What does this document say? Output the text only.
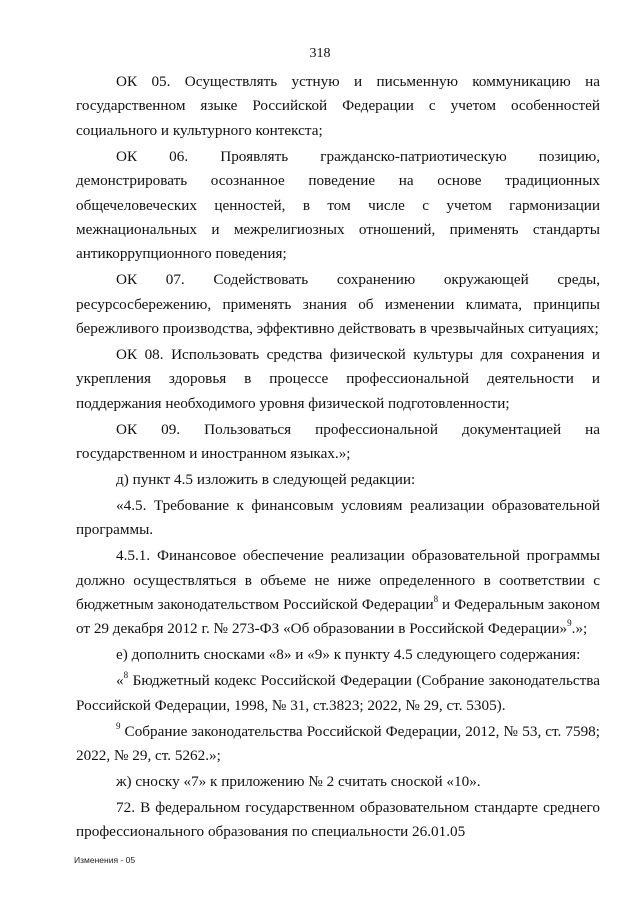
318

ОК 05. Осуществлять устную и письменную коммуникацию на государственном языке Российской Федерации с учетом особенностей социального и культурного контекста;

ОК 06. Проявлять гражданско-патриотическую позицию, демонстрировать осознанное поведение на основе традиционных общечеловеческих ценностей, в том числе с учетом гармонизации межнациональных и межрелигиозных отношений, применять стандарты антикоррупционного поведения;

ОК 07. Содействовать сохранению окружающей среды, ресурсосбережению, применять знания об изменении климата, принципы бережливого производства, эффективно действовать в чрезвычайных ситуациях;

ОК 08. Использовать средства физической культуры для сохранения и укрепления здоровья в процессе профессиональной деятельности и поддержания необходимого уровня физической подготовленности;

ОК 09. Пользоваться профессиональной документацией на государственном и иностранном языках.»;

д) пункт 4.5 изложить в следующей редакции:

«4.5. Требование к финансовым условиям реализации образовательной программы.

4.5.1. Финансовое обеспечение реализации образовательной программы должно осуществляться в объеме не ниже определенного в соответствии с бюджетным законодательством Российской Федерации$^8$ и Федеральным законом от 29 декабря 2012 г. № 273-ФЗ «Об образовании в Российской Федерации»$^9$.»;

е) дополнить сносками «8» и «9» к пункту 4.5 следующего содержания:

«$^8$ Бюджетный кодекс Российской Федерации (Собрание законодательства Российской Федерации, 1998, № 31, ст.3823; 2022, № 29, ст. 5305).

$^9$ Собрание законодательства Российской Федерации, 2012, № 53, ст. 7598; 2022, № 29, ст. 5262.»;

ж) сноску «7» к приложению № 2 считать сноской «10».

72. В федеральном государственном образовательном стандарте среднего профессионального образования по специальности 26.01.05

Изменения - 05
